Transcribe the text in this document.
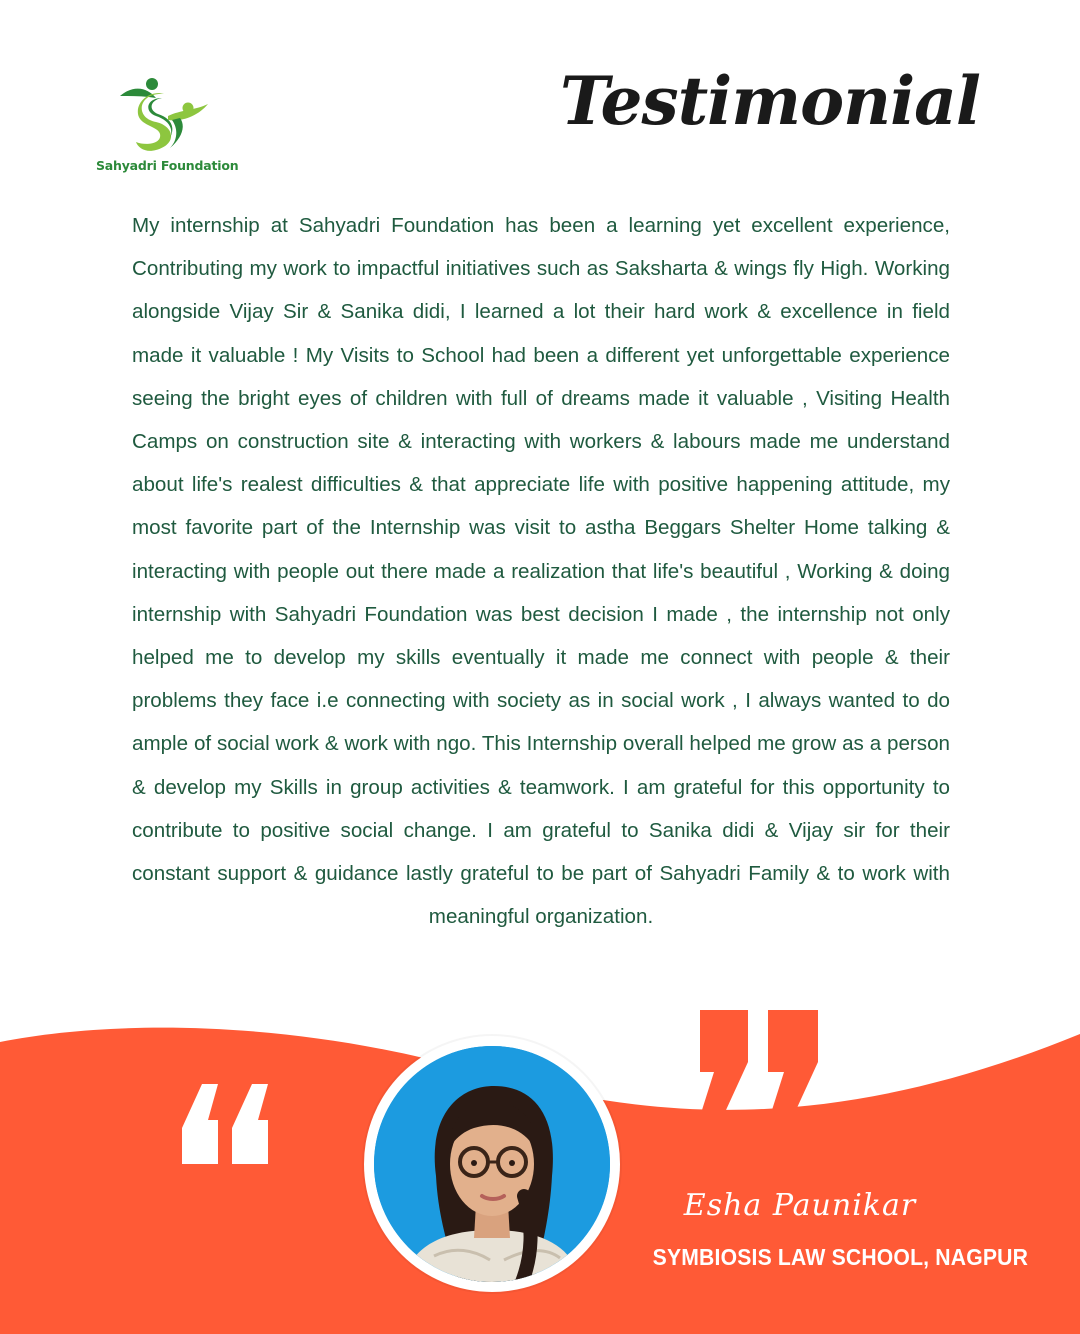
Sahyadri Foundation
Testimonial

My internship at Sahyadri Foundation has been a learning yet excellent experience, Contributing my work to impactful initiatives such as Saksharta & wings fly High. Working alongside Vijay Sir & Sanika didi, I learned a lot their hard work & excellence in field made it valuable ! My Visits to School had been a different yet unforgettable experience seeing the bright eyes of children with full of dreams made it valuable , Visiting Health Camps on construction site & interacting with workers & labours made me understand about life's realest difficulties & that appreciate life with positive happening attitude, my most favorite part of the Internship was visit to astha Beggars Shelter Home talking & interacting with people out there made a realization that life's beautiful , Working & doing internship with Sahyadri Foundation was best decision I made , the internship not only helped me to develop my skills eventually it made me connect with people & their problems they face i.e connecting with society as in social work , I always wanted to do ample of social work & work with ngo. This Internship overall helped me grow as a person & develop my Skills in group activities & teamwork. I am grateful for this opportunity to contribute to positive social change. I am grateful to Sanika didi & Vijay sir for their constant support & guidance lastly grateful to be part of Sahyadri Family & to work with meaningful organization.

Esha Paunikar
SYMBIOSIS LAW SCHOOL, NAGPUR
